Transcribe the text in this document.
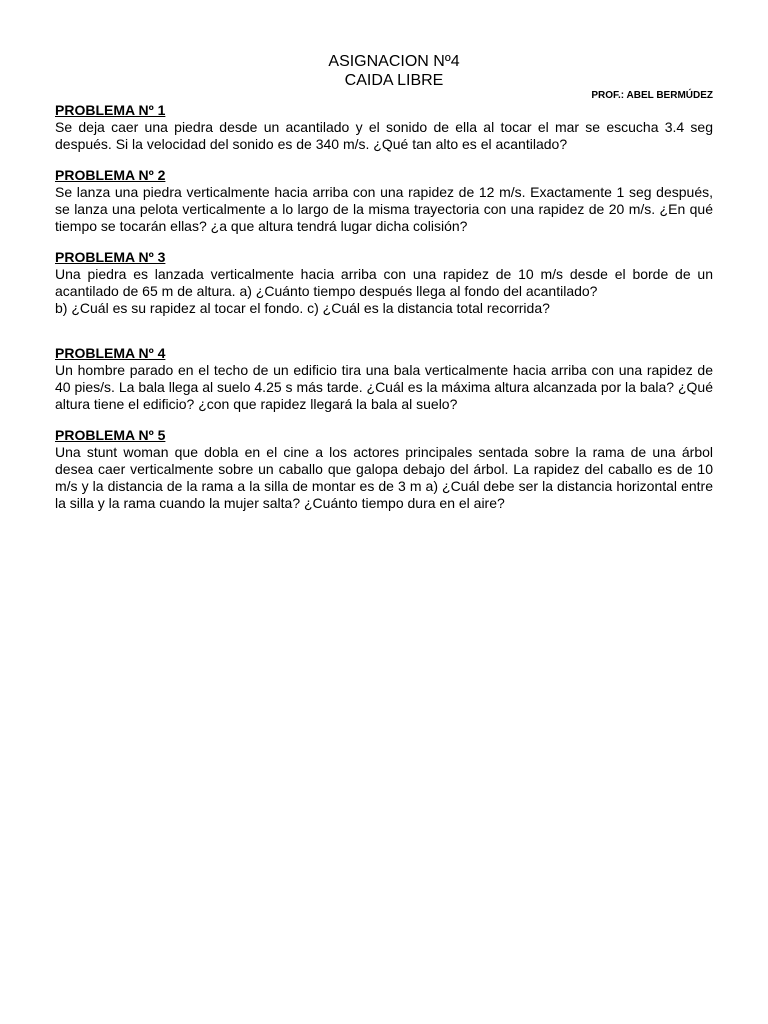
ASIGNACION Nº4
CAIDA LIBRE
PROF.: ABEL BERMÚDEZ
PROBLEMA Nº 1
Se deja caer una piedra desde un acantilado y el sonido de ella al tocar el mar se escucha 3.4 seg después. Si la velocidad del sonido es de 340 m/s. ¿Qué tan alto es el acantilado?
PROBLEMA Nº 2
Se lanza una piedra verticalmente hacia arriba con una rapidez de 12 m/s. Exactamente 1 seg después, se lanza una pelota verticalmente a lo largo de la misma trayectoria con una rapidez de 20 m/s. ¿En qué tiempo se tocarán ellas? ¿a que altura tendrá lugar dicha colisión?
PROBLEMA Nº 3
Una piedra es lanzada verticalmente hacia arriba con una rapidez de 10 m/s desde el borde de un acantilado de 65 m de altura. a) ¿Cuánto tiempo después llega al fondo del acantilado?
b) ¿Cuál es su rapidez al tocar el fondo. c) ¿Cuál es la distancia total recorrida?
PROBLEMA Nº 4
Un hombre parado en el techo de un edificio tira una bala verticalmente hacia arriba con una rapidez de 40 pies/s. La bala llega al suelo 4.25 s más tarde. ¿Cuál es la máxima altura alcanzada por la bala? ¿Qué altura tiene el edificio? ¿con que rapidez llegará la bala al suelo?
PROBLEMA Nº 5
Una stunt woman que dobla en el cine a los actores principales sentada sobre la rama de una árbol desea caer verticalmente sobre un caballo que galopa debajo del árbol. La rapidez del caballo es de 10 m/s y la distancia de la rama a la silla de montar es de 3 m a) ¿Cuál debe ser la distancia horizontal entre la silla y la rama cuando la mujer salta? ¿Cuánto tiempo dura en el aire?
